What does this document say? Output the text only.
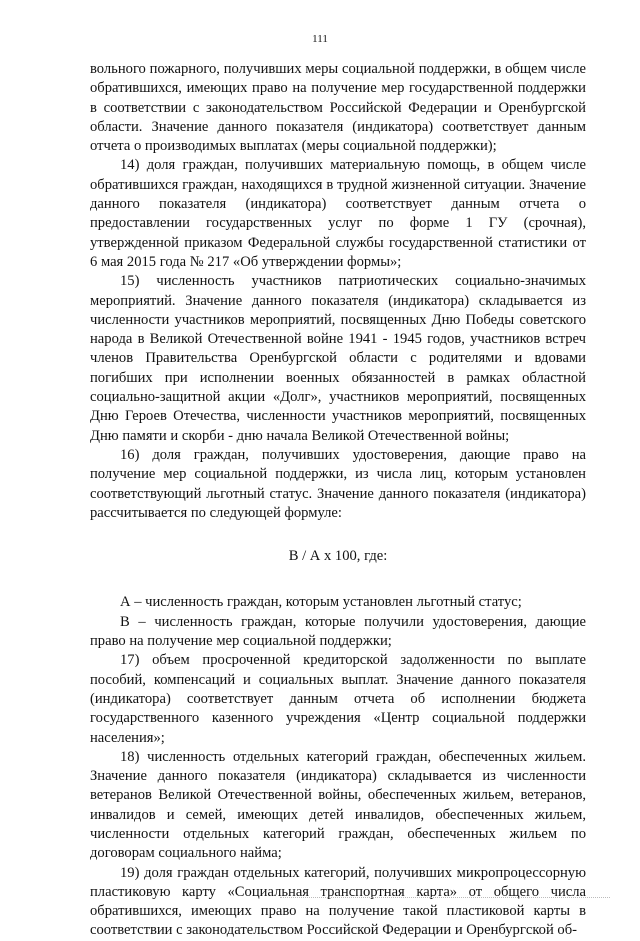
111

вольного пожарного, получивших меры социальной поддержки, в общем числе обратившихся, имеющих право на получение мер государственной поддержки в соответствии с законодательством Российской Федерации и Оренбургской области. Значение данного показателя (индикатора) соответствует данным отчета о производимых выплатах (меры социальной поддержки);

14) доля граждан, получивших материальную помощь, в общем числе обратившихся граждан, находящихся в трудной жизненной ситуации. Значение данного показателя (индикатора) соответствует данным отчета о предоставлении государственных услуг по форме 1 ГУ (срочная), утвержденной приказом Федеральной службы государственной статистики от 6 мая 2015 года № 217 «Об утверждении формы»;

15) численность участников патриотических социально-значимых мероприятий. Значение данного показателя (индикатора) складывается из численности участников мероприятий, посвященных Дню Победы советского народа в Великой Отечественной войне 1941 - 1945 годов, участников встреч членов Правительства Оренбургской области с родителями и вдовами погибших при исполнении военных обязанностей в рамках областной социально-защитной акции «Долг», участников мероприятий, посвященных Дню Героев Отечества, численности участников мероприятий, посвященных Дню памяти и скорби - дню начала Великой Отечественной войны;

16) доля граждан, получивших удостоверения, дающие право на получение мер социальной поддержки, из числа лиц, которым установлен соответствующий льготный статус. Значение данного показателя (индикатора) рассчитывается по следующей формуле:

В / А х 100, где:

А – численность граждан, которым установлен льготный статус;

В – численность граждан, которые получили удостоверения, дающие право на получение мер социальной поддержки;

17) объем просроченной кредиторской задолженности по выплате пособий, компенсаций и социальных выплат. Значение данного показателя (индикатора) соответствует данным отчета об исполнении бюджета государственного казенного учреждения «Центр социальной поддержки населения»;

18) численность отдельных категорий граждан, обеспеченных жильем. Значение данного показателя (индикатора) складывается из численности ветеранов Великой Отечественной войны, обеспеченных жильем, ветеранов, инвалидов и семей, имеющих детей инвалидов, обеспеченных жильем, численности отдельных категорий граждан, обеспеченных жильем по договорам социального найма;

19) доля граждан отдельных категорий, получивших микропроцессорную пластиковую карту «Социальная транспортная карта» от общего числа обратившихся, имеющих право на получение такой пластиковой карты в соответствии с законодательством Российской Федерации и Оренбургской об-
